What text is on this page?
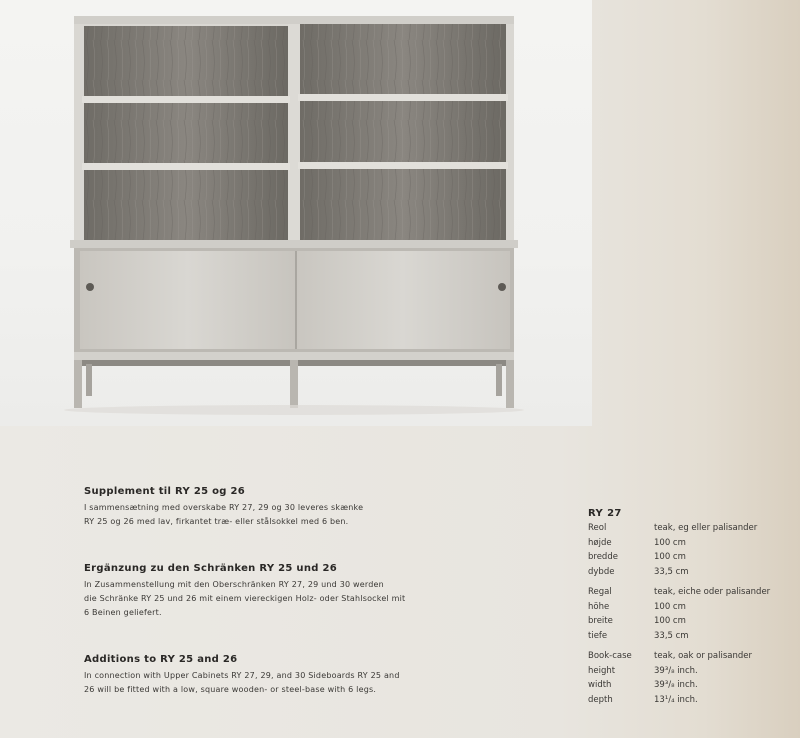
Supplement til RY 25 og 26

I sammensætning med overskabe RY 27, 29 og 30 leveres skænke

RY 25 og 26 med lav, firkantet træ- eller stålsokkel med 6 ben.

Ergänzung zu den Schränken RY 25 und 26

In Zusammenstellung mit den Oberschränken RY 27, 29 und 30 werden

die Schränke RY 25 und 26 mit einem viereckigen Holz- oder Stahlsockel mit

6 Beinen geliefert.

Additions to RY 25 and 26

In connection with Upper Cabinets RY 27, 29, and 30 Sideboards RY 25 and

26 will be fitted with a low, square wooden- or steel-base with 6 legs.

RY 27
Reol	teak, eg eller palisander
højde	100 cm
bredde	100 cm
dybde	33,5 cm
Regal	teak, eiche oder palisander
höhe	100 cm
breite	100 cm
tiefe	33,5 cm
Book-case	teak, oak or palisander
height	39³/₈ inch.
width	39³/₈ inch.
depth	13¹/₄ inch.
